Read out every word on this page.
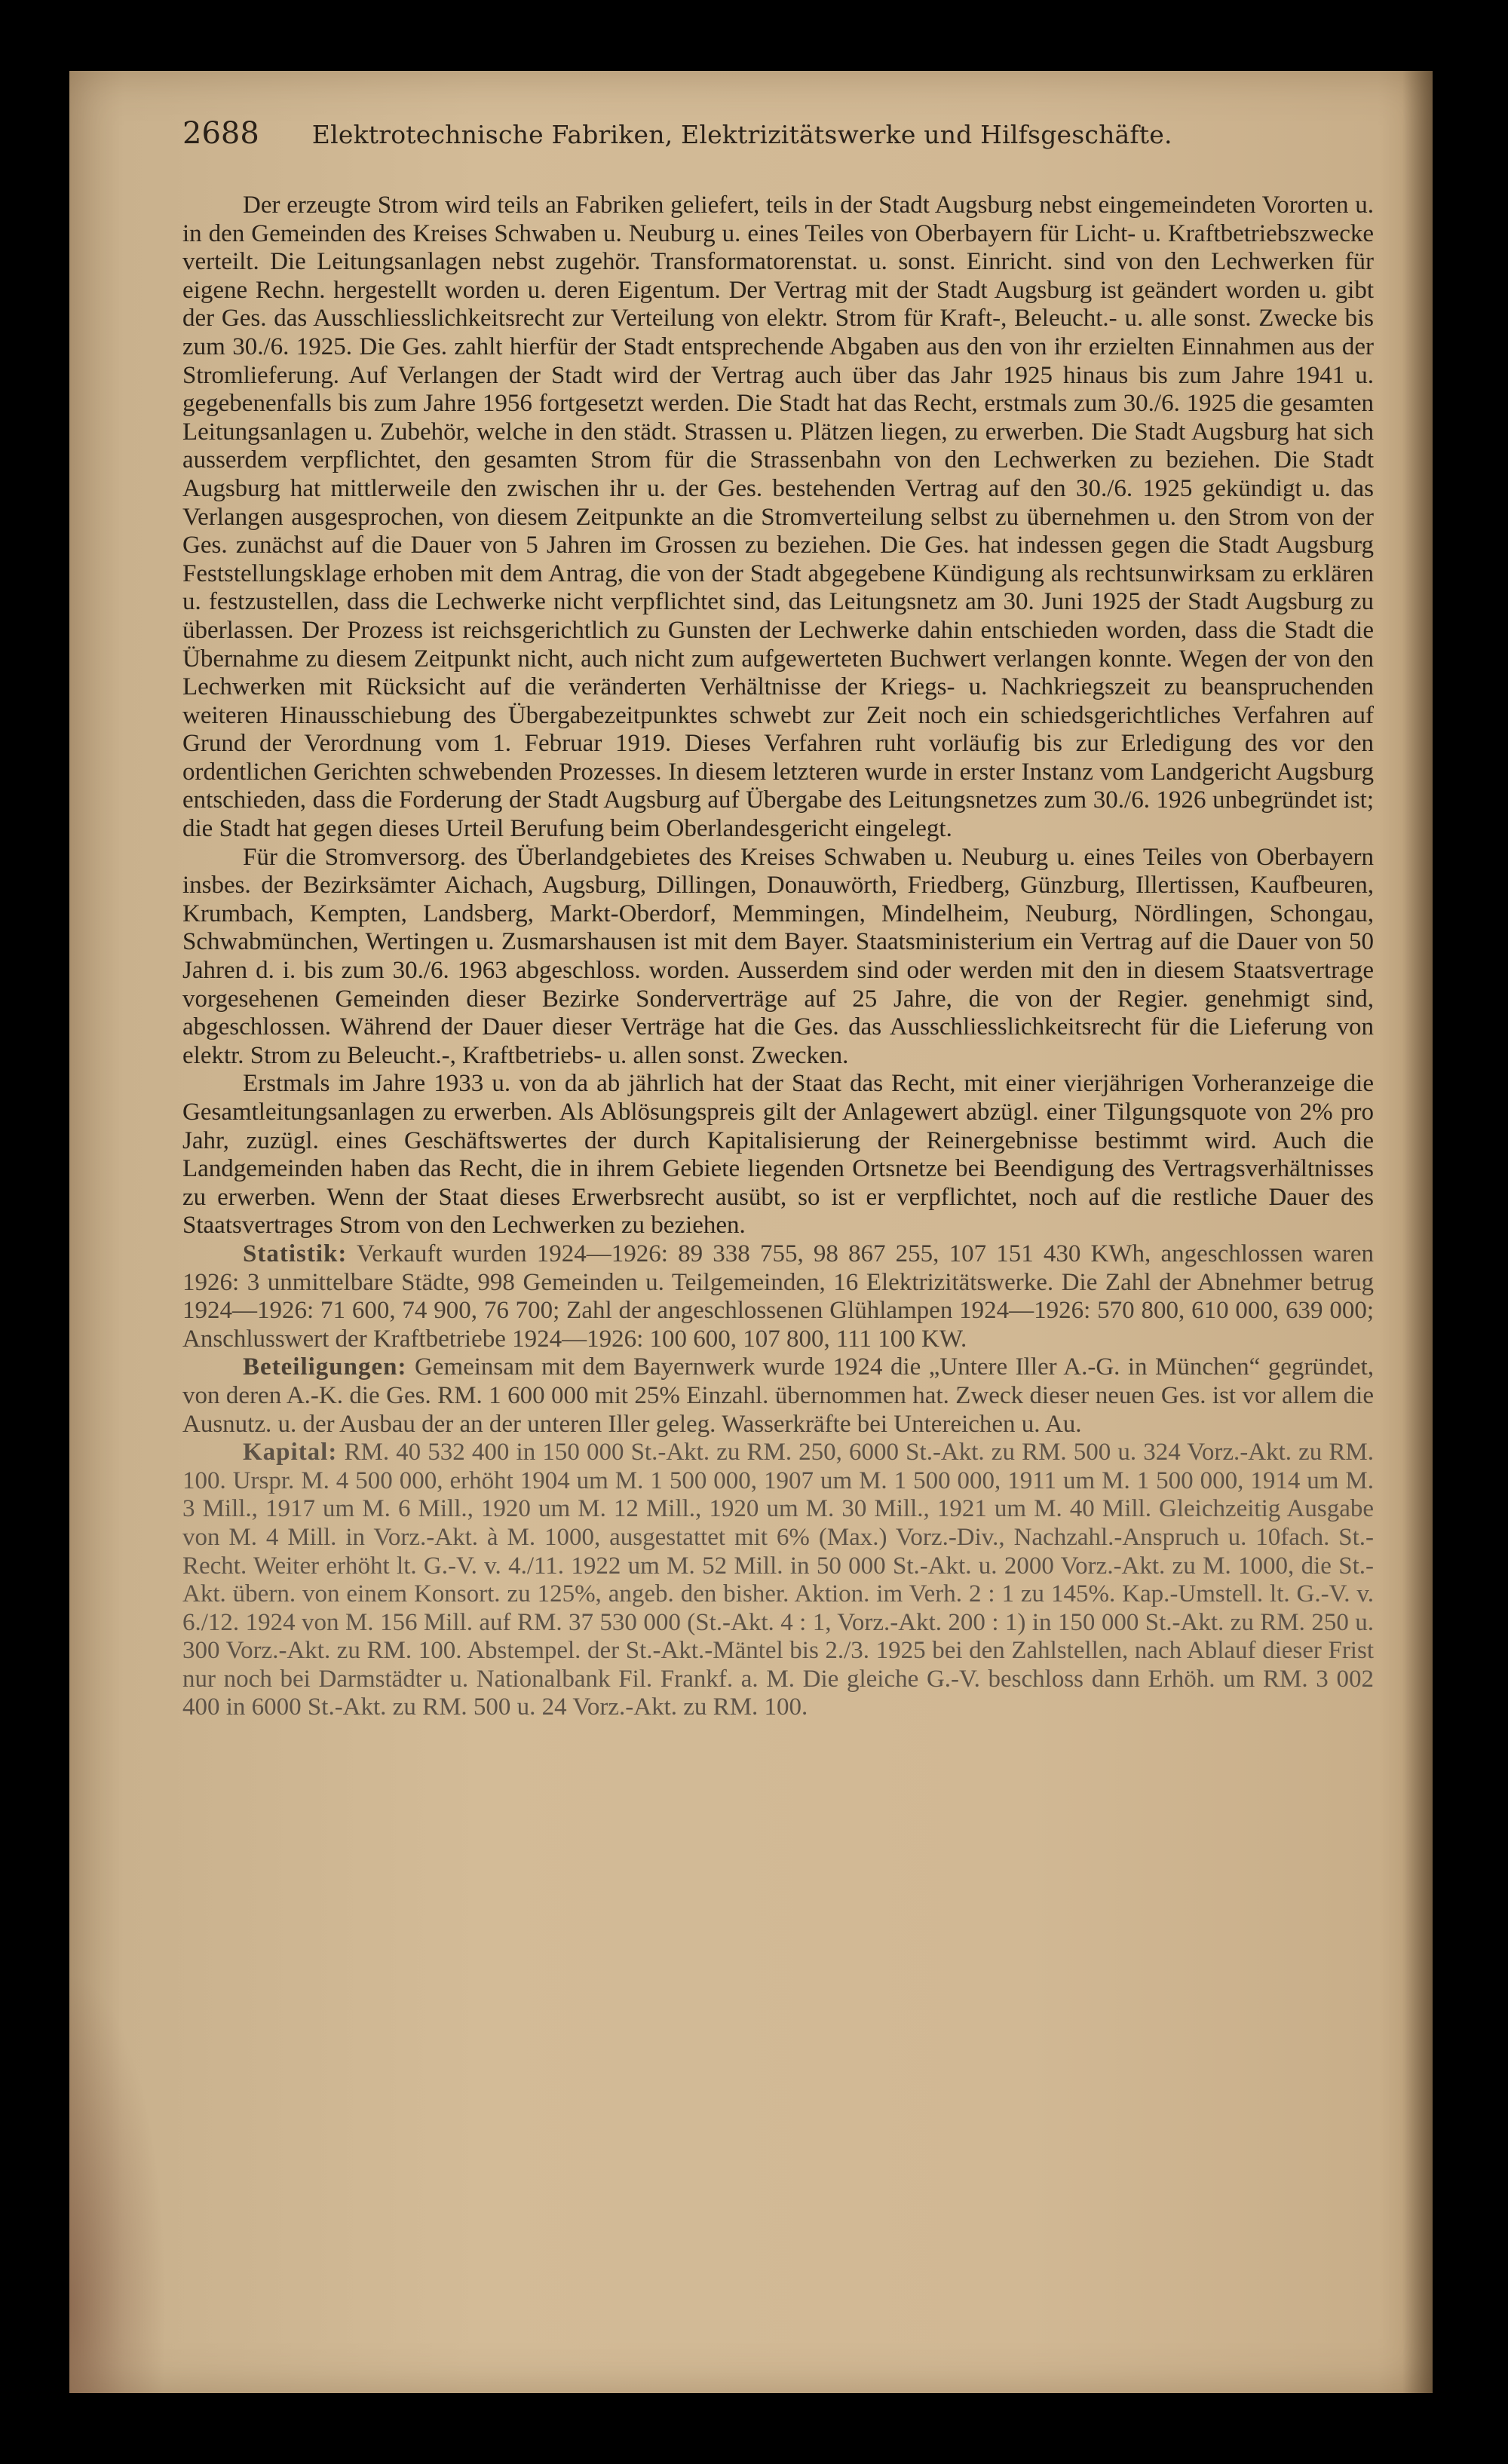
2688 Elektrotechnische Fabriken, Elektrizitätswerke und Hilfsgeschäfte.

Der erzeugte Strom wird teils an Fabriken geliefert, teils in der Stadt Augsburg nebst eingemeindeten Vororten u. in den Gemeinden des Kreises Schwaben u. Neuburg u. eines Teiles von Oberbayern für Licht- u. Kraftbetriebszwecke verteilt. Die Leitungsanlagen nebst zugehör. Transformatorenstat. u. sonst. Einricht. sind von den Lechwerken für eigene Rechn. hergestellt worden u. deren Eigentum. Der Vertrag mit der Stadt Augsburg ist geändert worden u. gibt der Ges. das Ausschliesslichkeitsrecht zur Verteilung von elektr. Strom für Kraft-, Beleucht.- u. alle sonst. Zwecke bis zum 30./6. 1925. Die Ges. zahlt hierfür der Stadt entsprechende Abgaben aus den von ihr erzielten Einnahmen aus der Stromlieferung. Auf Verlangen der Stadt wird der Vertrag auch über das Jahr 1925 hinaus bis zum Jahre 1941 u. gegebenenfalls bis zum Jahre 1956 fortgesetzt werden. Die Stadt hat das Recht, erstmals zum 30./6. 1925 die gesamten Leitungsanlagen u. Zubehör, welche in den städt. Strassen u. Plätzen liegen, zu erwerben. Die Stadt Augsburg hat sich ausserdem verpflichtet, den gesamten Strom für die Strassenbahn von den Lechwerken zu beziehen. Die Stadt Augsburg hat mittlerweile den zwischen ihr u. der Ges. bestehenden Vertrag auf den 30./6. 1925 gekündigt u. das Verlangen ausgesprochen, von diesem Zeitpunkte an die Stromverteilung selbst zu übernehmen u. den Strom von der Ges. zunächst auf die Dauer von 5 Jahren im Grossen zu beziehen. Die Ges. hat indessen gegen die Stadt Augsburg Feststellungsklage erhoben mit dem Antrag, die von der Stadt abgegebene Kündigung als rechtsunwirksam zu erklären u. festzustellen, dass die Lechwerke nicht verpflichtet sind, das Leitungsnetz am 30. Juni 1925 der Stadt Augsburg zu überlassen. Der Prozess ist reichsgerichtlich zu Gunsten der Lechwerke dahin entschieden worden, dass die Stadt die Übernahme zu diesem Zeitpunkt nicht, auch nicht zum aufgewerteten Buchwert verlangen konnte. Wegen der von den Lechwerken mit Rücksicht auf die veränderten Verhältnisse der Kriegs- u. Nachkriegszeit zu beanspruchenden weiteren Hinausschiebung des Übergabezeitpunktes schwebt zur Zeit noch ein schiedsgerichtliches Verfahren auf Grund der Verordnung vom 1. Februar 1919. Dieses Verfahren ruht vorläufig bis zur Erledigung des vor den ordentlichen Gerichten schwebenden Prozesses. In diesem letzteren wurde in erster Instanz vom Landgericht Augsburg entschieden, dass die Forderung der Stadt Augsburg auf Übergabe des Leitungsnetzes zum 30./6. 1926 unbegründet ist; die Stadt hat gegen dieses Urteil Berufung beim Oberlandesgericht eingelegt.

Für die Stromversorg. des Überlandgebietes des Kreises Schwaben u. Neuburg u. eines Teiles von Oberbayern insbes. der Bezirksämter Aichach, Augsburg, Dillingen, Donauwörth, Friedberg, Günzburg, Illertissen, Kaufbeuren, Krumbach, Kempten, Landsberg, Markt-Oberdorf, Memmingen, Mindelheim, Neuburg, Nördlingen, Schongau, Schwabmünchen, Wertingen u. Zusmarshausen ist mit dem Bayer. Staatsministerium ein Vertrag auf die Dauer von 50 Jahren d. i. bis zum 30./6. 1963 abgeschloss. worden. Ausserdem sind oder werden mit den in diesem Staatsvertrage vorgesehenen Gemeinden dieser Bezirke Sonderverträge auf 25 Jahre, die von der Regier. genehmigt sind, abgeschlossen. Während der Dauer dieser Verträge hat die Ges. das Ausschliesslichkeitsrecht für die Lieferung von elektr. Strom zu Beleucht.-, Kraftbetriebs- u. allen sonst. Zwecken.

Erstmals im Jahre 1933 u. von da ab jährlich hat der Staat das Recht, mit einer vierjährigen Vorheranzeige die Gesamtleitungsanlagen zu erwerben. Als Ablösungspreis gilt der Anlagewert abzügl. einer Tilgungsquote von 2% pro Jahr, zuzügl. eines Geschäftswertes der durch Kapitalisierung der Reinergebnisse bestimmt wird. Auch die Landgemeinden haben das Recht, die in ihrem Gebiete liegenden Ortsnetze bei Beendigung des Vertragsverhältnisses zu erwerben. Wenn der Staat dieses Erwerbsrecht ausübt, so ist er verpflichtet, noch auf die restliche Dauer des Staatsvertrages Strom von den Lechwerken zu beziehen.

Statistik: Verkauft wurden 1924—1926: 89 338 755, 98 867 255, 107 151 430 KWh, angeschlossen waren 1926: 3 unmittelbare Städte, 998 Gemeinden u. Teilgemeinden, 16 Elektrizitätswerke. Die Zahl der Abnehmer betrug 1924—1926: 71 600, 74 900, 76 700; Zahl der angeschlossenen Glühlampen 1924—1926: 570 800, 610 000, 639 000; Anschlusswert der Kraftbetriebe 1924—1926: 100 600, 107 800, 111 100 KW.

Beteiligungen: Gemeinsam mit dem Bayernwerk wurde 1924 die „Untere Iller A.-G. in München“ gegründet, von deren A.-K. die Ges. RM. 1 600 000 mit 25% Einzahl. übernommen hat. Zweck dieser neuen Ges. ist vor allem die Ausnutz. u. der Ausbau der an der unteren Iller geleg. Wasserkräfte bei Untereichen u. Au.

Kapital: RM. 40 532 400 in 150 000 St.-Akt. zu RM. 250, 6000 St.-Akt. zu RM. 500 u. 324 Vorz.-Akt. zu RM. 100. Urspr. M. 4 500 000, erhöht 1904 um M. 1 500 000, 1907 um M. 1 500 000, 1911 um M. 1 500 000, 1914 um M. 3 Mill., 1917 um M. 6 Mill., 1920 um M. 12 Mill., 1920 um M. 30 Mill., 1921 um M. 40 Mill. Gleichzeitig Ausgabe von M. 4 Mill. in Vorz.-Akt. à M. 1000, ausgestattet mit 6% (Max.) Vorz.-Div., Nachzahl.-Anspruch u. 10fach. St.-Recht. Weiter erhöht lt. G.-V. v. 4./11. 1922 um M. 52 Mill. in 50 000 St.-Akt. u. 2000 Vorz.-Akt. zu M. 1000, die St.-Akt. übern. von einem Konsort. zu 125%, angeb. den bisher. Aktion. im Verh. 2 : 1 zu 145%. Kap.-Umstell. lt. G.-V. v. 6./12. 1924 von M. 156 Mill. auf RM. 37 530 000 (St.-Akt. 4 : 1, Vorz.-Akt. 200 : 1) in 150 000 St.-Akt. zu RM. 250 u. 300 Vorz.-Akt. zu RM. 100. Abstempel. der St.-Akt.-Mäntel bis 2./3. 1925 bei den Zahlstellen, nach Ablauf dieser Frist nur noch bei Darmstädter u. Nationalbank Fil. Frankf. a. M. Die gleiche G.-V. beschloss dann Erhöh. um RM. 3 002 400 in 6000 St.-Akt. zu RM. 500 u. 24 Vorz.-Akt. zu RM. 100.
